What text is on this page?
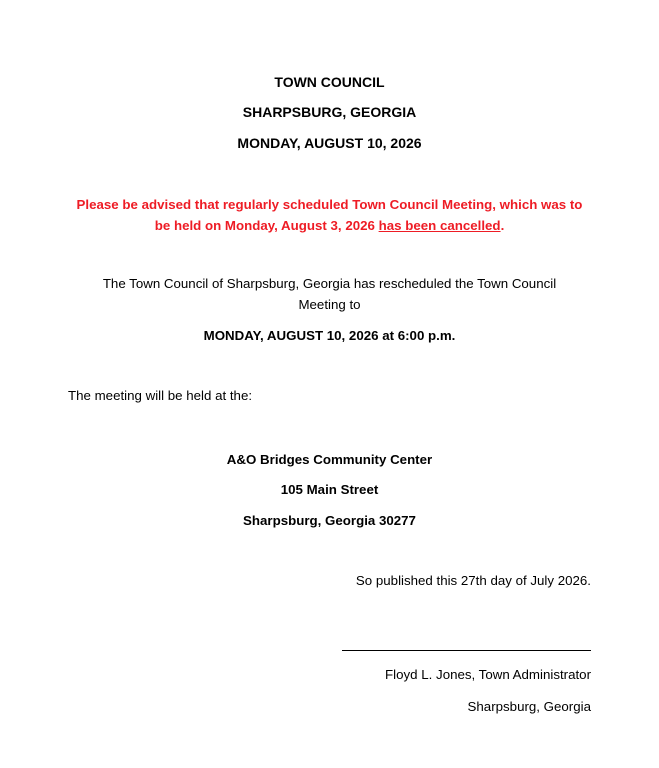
TOWN COUNCIL
SHARPSBURG, GEORGIA
MONDAY, AUGUST 10, 2026
Please be advised that regularly scheduled Town Council Meeting, which was to
be held on Monday, August 3, 2026 has been cancelled.
The Town Council of Sharpsburg, Georgia has rescheduled the Town Council
Meeting to
MONDAY, AUGUST 10, 2026 at 6:00 p.m.
The meeting will be held at the:
A&O Bridges Community Center
105 Main Street
Sharpsburg, Georgia 30277
So published this 27th day of July 2026.
Floyd L. Jones, Town Administrator
Sharpsburg, Georgia
